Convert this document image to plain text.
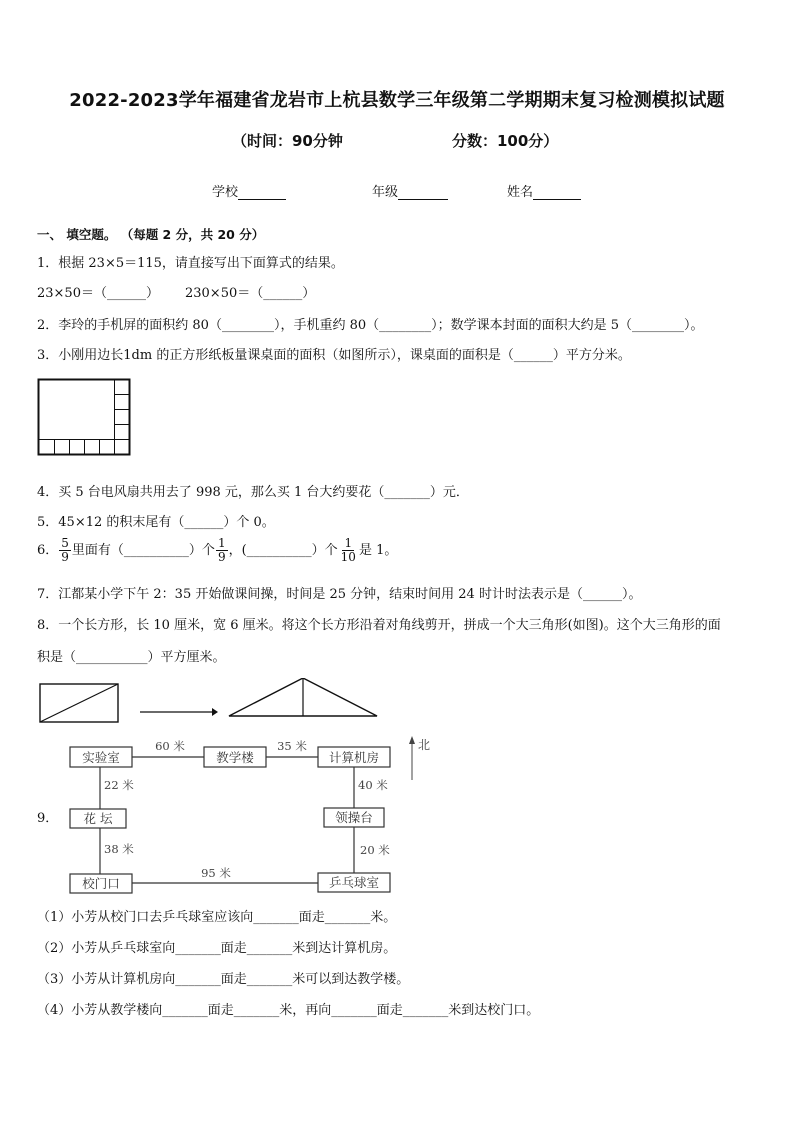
2022-2023学年福建省龙岩市上杭县数学三年级第二学期期末复习检测模拟试题
（时间：90分钟	分数：100分）
学校	年级	姓名
一、 填空题。 （每题 2 分，共 20 分）
1．根据 23×5＝115，请直接写出下面算式的结果。
23×50＝（______） 230×50＝（______）
2．李玲的手机屏的面积约 80（________），手机重约 80（________）；数学课本封面的面积大约是 5（________）。
3．小刚用边长1dm 的正方形纸板量课桌面的面积（如图所示），课桌面的面积是（______）平方分米。
4．买 5 台电风扇共用去了 998 元，那么买 1 台大约要花（_______）元．
5．45×12 的积末尾有（______）个 0。
6． $\frac{5}{9}$ 里面有（__________）个 $\frac{1}{9}$ ，(__________）个 $\frac{1}{10}$ 是 1。
7．江都某小学下午 2：35 开始做课间操，时间是 25 分钟，结束时间用 24 时计时法表示是（______）。
8．一个长方形，长 10 厘米，宽 6 厘米。将这个长方形沿着对角线剪开，拼成一个大三角形(如图)。这个大三角形的面
积是（___________）平方厘米。
9．
实验室	教学楼	计算机房
花 坛	领操台
校门口	乒乓球室
60 米	35 米
22 米
38 米
95 米
40 米
20 米
北
（1）小芳从校门口去乒乓球室应该向_______面走_______米。
（2）小芳从乒乓球室向_______面走_______米到达计算机房。
（3）小芳从计算机房向_______面走_______米可以到达教学楼。
（4）小芳从教学楼向_______面走_______米，再向_______面走_______米到达校门口。
